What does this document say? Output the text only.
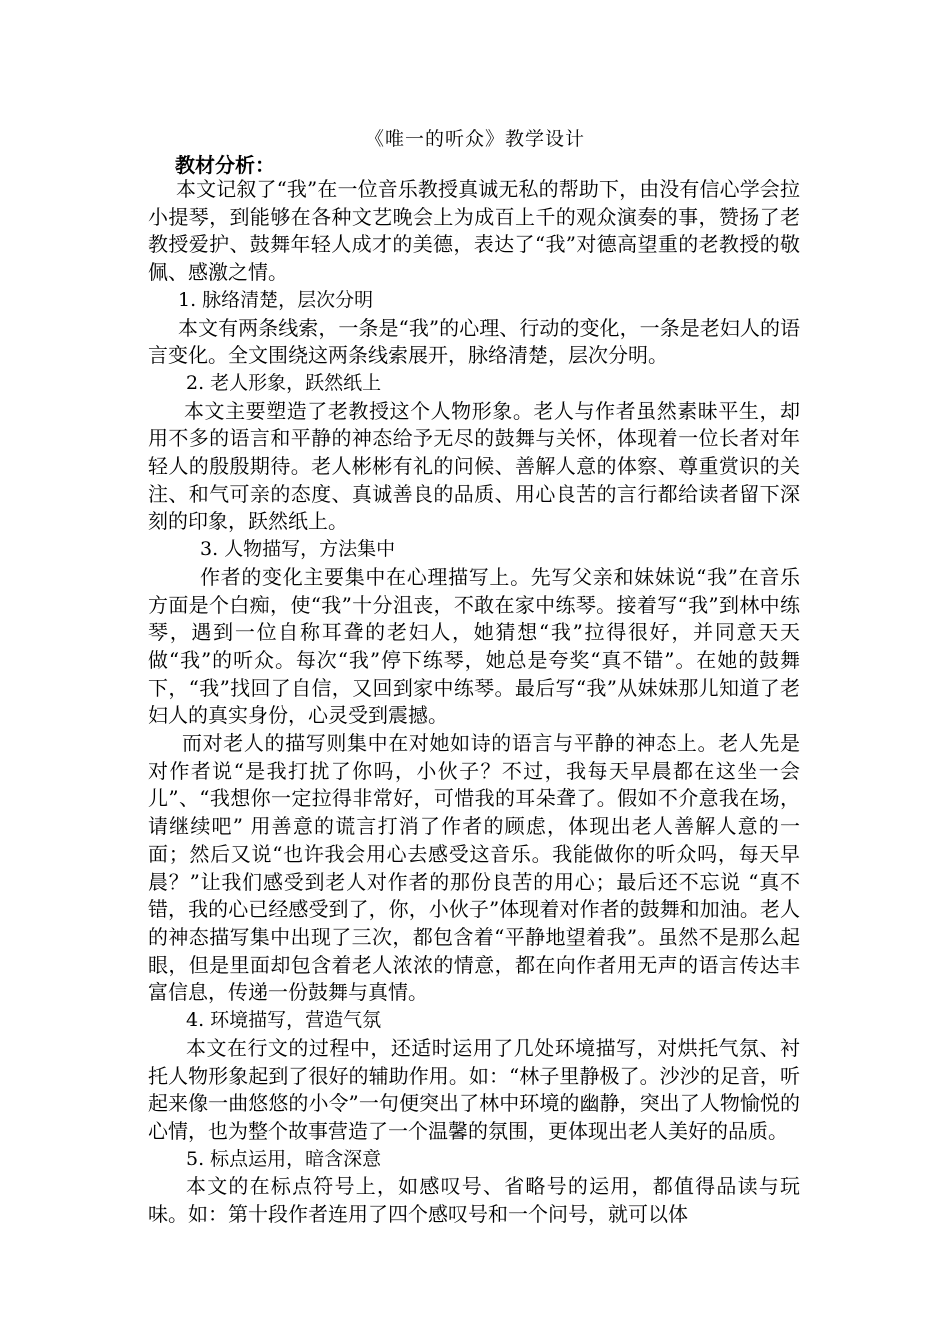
《唯一的听众》教学设计
教材分析：

本文记叙了“我”在一位音乐教授真诚无私的帮助下，由没有信心学会拉小提琴，到能够在各种文艺晚会上为成百上千的观众演奏的事，赞扬了老教授爱护、鼓舞年轻人成才的美德，表达了“我”对德高望重的老教授的敬佩、感激之情。

1. 脉络清楚，层次分明

本文有两条线索，一条是“我”的心理、行动的变化，一条是老妇人的语言变化。全文围绕这两条线索展开，脉络清楚，层次分明。

2. 老人形象，跃然纸上

本文主要塑造了老教授这个人物形象。老人与作者虽然素昧平生，却用不多的语言和平静的神态给予无尽的鼓舞与关怀，体现着一位长者对年轻人的殷殷期待。老人彬彬有礼的问候、善解人意的体察、尊重赏识的关注、和气可亲的态度、真诚善良的品质、用心良苦的言行都给读者留下深刻的印象，跃然纸上。

3. 人物描写，方法集中

作者的变化主要集中在心理描写上。先写父亲和妹妹说“我”在音乐方面是个白痴，使“我”十分沮丧，不敢在家中练琴。接着写“我”到林中练琴，遇到一位自称耳聋的老妇人，她猜想“我”拉得很好，并同意天天做“我”的听众。每次“我”停下练琴，她总是夸奖“真不错”。在她的鼓舞下，“我”找回了自信，又回到家中练琴。最后写“我”从妹妹那儿知道了老妇人的真实身份，心灵受到震撼。

而对老人的描写则集中在对她如诗的语言与平静的神态上。老人先是对作者说“是我打扰了你吗，小伙子？不过，我每天早晨都在这坐一会儿”、“我想你一定拉得非常好，可惜我的耳朵聋了。假如不介意我在场，请继续吧” 用善意的谎言打消了作者的顾虑，体现出老人善解人意的一面；然后又说“也许我会用心去感受这音乐。我能做你的听众吗，每天早晨？”让我们感受到老人对作者的那份良苦的用心；最后还不忘说 “真不错，我的心已经感受到了，你，小伙子”体现着对作者的鼓舞和加油。老人的神态描写集中出现了三次，都包含着“平静地望着我”。虽然不是那么起眼，但是里面却包含着老人浓浓的情意，都在向作者用无声的语言传达丰富信息，传递一份鼓舞与真情。

4. 环境描写，营造气氛

本文在行文的过程中，还适时运用了几处环境描写，对烘托气氛、衬托人物形象起到了很好的辅助作用。如：“林子里静极了。沙沙的足音，听起来像一曲悠悠的小令”一句便突出了林中环境的幽静，突出了人物愉悦的心情，也为整个故事营造了一个温馨的氛围，更体现出老人美好的品质。

5. 标点运用，暗含深意

本文的在标点符号上，如感叹号、省略号的运用，都值得品读与玩味。如：第十段作者连用了四个感叹号和一个问号，就可以体
